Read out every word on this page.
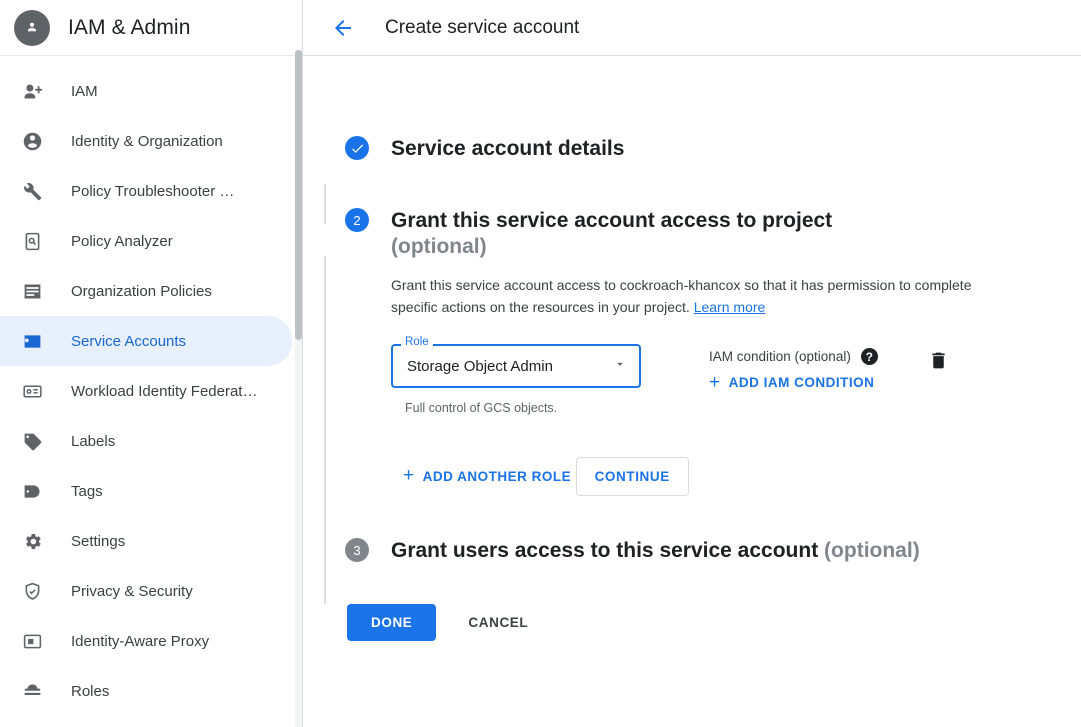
IAM & Admin
IAM
Identity & Organization
Policy Troubleshooter …
Policy Analyzer
Organization Policies
Service Accounts
Workload Identity Federat…
Labels
Tags
Settings
Privacy & Security
Identity-Aware Proxy
Roles
Create service account
Service account details
2	Grant this service account access to project
(optional)
Grant this service account access to cockroach-khancox so that it has permission to complete specific actions on the resources in your project. Learn more
Storage Object Admin
Role
Full control of GCS objects.
IAM condition (optional)	?
+ ADD IAM CONDITION
+ ADD ANOTHER ROLE CONTINUE
3	Grant users access to this service account (optional)
DONE	CANCEL
